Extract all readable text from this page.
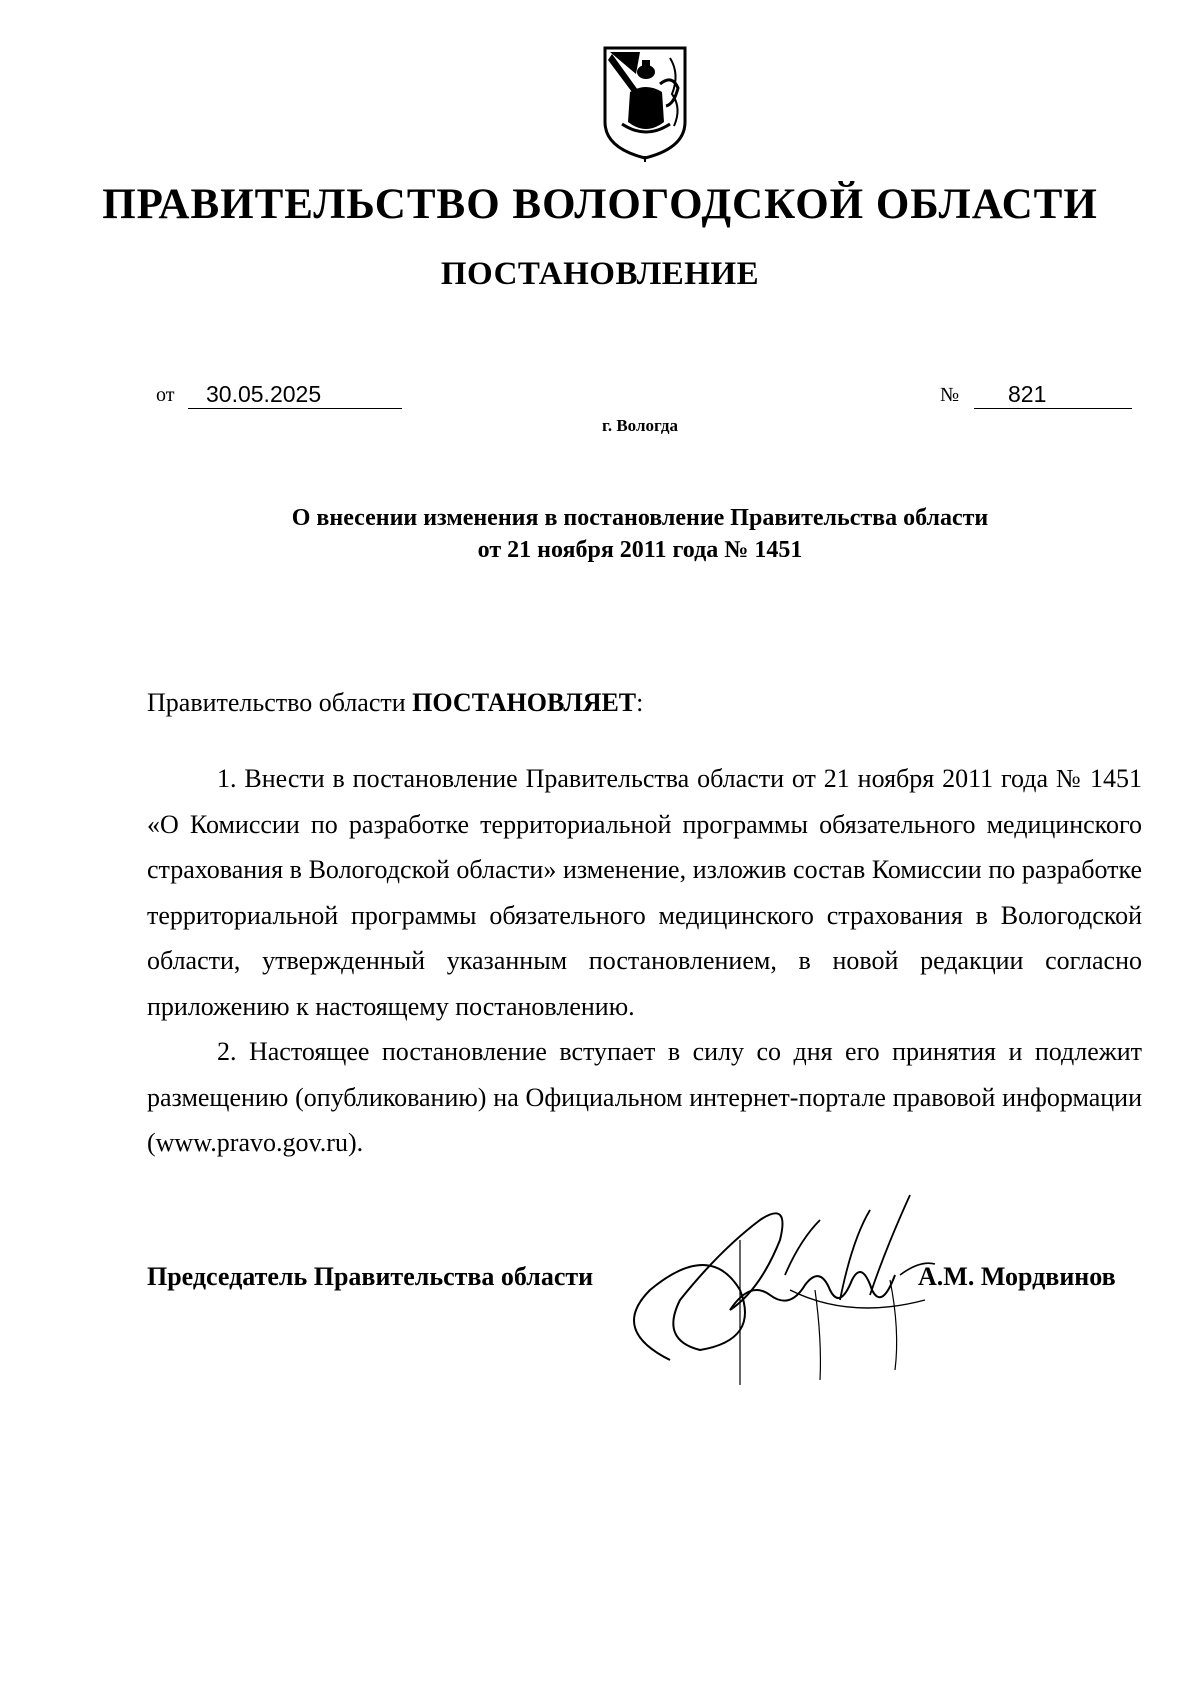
ПРАВИТЕЛЬСТВО ВОЛОГОДСКОЙ ОБЛАСТИ
ПОСТАНОВЛЕНИЕ
от	30.05.2025	№	821
г. Вологда
О внесении изменения в постановление Правительства области
от 21 ноября 2011 года № 1451
Правительство области ПОСТАНОВЛЯЕТ:

1. Внести в постановление Правительства области от 21 ноября 2011 года № 1451 «О Комиссии по разработке территориальной программы обязательного медицинского страхования в Вологодской области» изменение, изложив состав Комиссии по разработке территориальной программы обязательного медицинского страхования в Вологодской области, утвержденный указанным постановлением, в новой редакции согласно приложению к настоящему постановлению.

2. Настоящее постановление вступает в силу со дня его принятия и подлежит размещению (опубликованию) на Официальном интернет-портале правовой информации (www.pravo.gov.ru).

Председатель Правительства области	А.М. Мордвинов
